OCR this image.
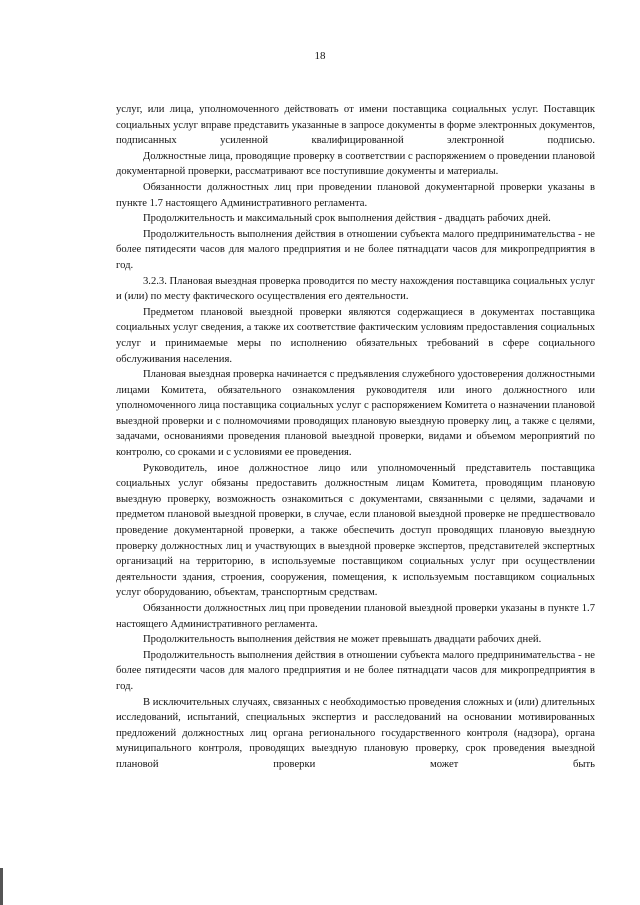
18

услуг, или лица, уполномоченного действовать от имени поставщика социальных услуг. Поставщик социальных услуг вправе представить указанные в запросе документы в форме электронных документов, подписанных усиленной квалифицированной электронной подписью.

Должностные лица, проводящие проверку в соответствии с распоряжением о проведении плановой документарной проверки, рассматривают все поступившие документы и материалы.

Обязанности должностных лиц при проведении плановой документарной проверки указаны в пункте 1.7 настоящего Административного регламента.

Продолжительность и максимальный срок выполнения действия - двадцать рабочих дней.

Продолжительность выполнения действия в отношении субъекта малого предпринимательства - не более пятидесяти часов для малого предприятия и не более пятнадцати часов для микропредприятия в год.

3.2.3. Плановая выездная проверка проводится по месту нахождения поставщика социальных услуг и (или) по месту фактического осуществления его деятельности.

Предметом плановой выездной проверки являются содержащиеся в документах поставщика социальных услуг сведения, а также их соответствие фактическим условиям предоставления социальных услуг и принимаемые меры по исполнению обязательных требований в сфере социального обслуживания населения.

Плановая выездная проверка начинается с предъявления служебного удостоверения должностными лицами Комитета, обязательного ознакомления руководителя или иного должностного или уполномоченного лица поставщика социальных услуг с распоряжением Комитета о назначении плановой выездной проверки и с полномочиями проводящих плановую выездную проверку лиц, а также с целями, задачами, основаниями проведения плановой выездной проверки, видами и объемом мероприятий по контролю, со сроками и с условиями ее проведения.

Руководитель, иное должностное лицо или уполномоченный представитель поставщика социальных услуг обязаны предоставить должностным лицам Комитета, проводящим плановую выездную проверку, возможность ознакомиться с документами, связанными с целями, задачами и предметом плановой выездной проверки, в случае, если плановой выездной проверке не предшествовало проведение документарной проверки, а также обеспечить доступ проводящих плановую выездную проверку должностных лиц и участвующих в выездной проверке экспертов, представителей экспертных организаций на территорию, в используемые поставщиком социальных услуг при осуществлении деятельности здания, строения, сооружения, помещения, к используемым поставщиком социальных услуг оборудованию, объектам, транспортным средствам.

Обязанности должностных лиц при проведении плановой выездной проверки указаны в пункте 1.7 настоящего Административного регламента.

Продолжительность выполнения действия не может превышать двадцати рабочих дней.

Продолжительность выполнения действия в отношении субъекта малого предпринимательства - не более пятидесяти часов для малого предприятия и не более пятнадцати часов для микропредприятия в год.

В исключительных случаях, связанных с необходимостью проведения сложных и (или) длительных исследований, испытаний, специальных экспертиз и расследований на основании мотивированных предложений должностных лиц органа регионального государственного контроля (надзора), органа муниципального контроля, проводящих выездную плановую проверку, срок проведения выездной плановой проверки может быть
